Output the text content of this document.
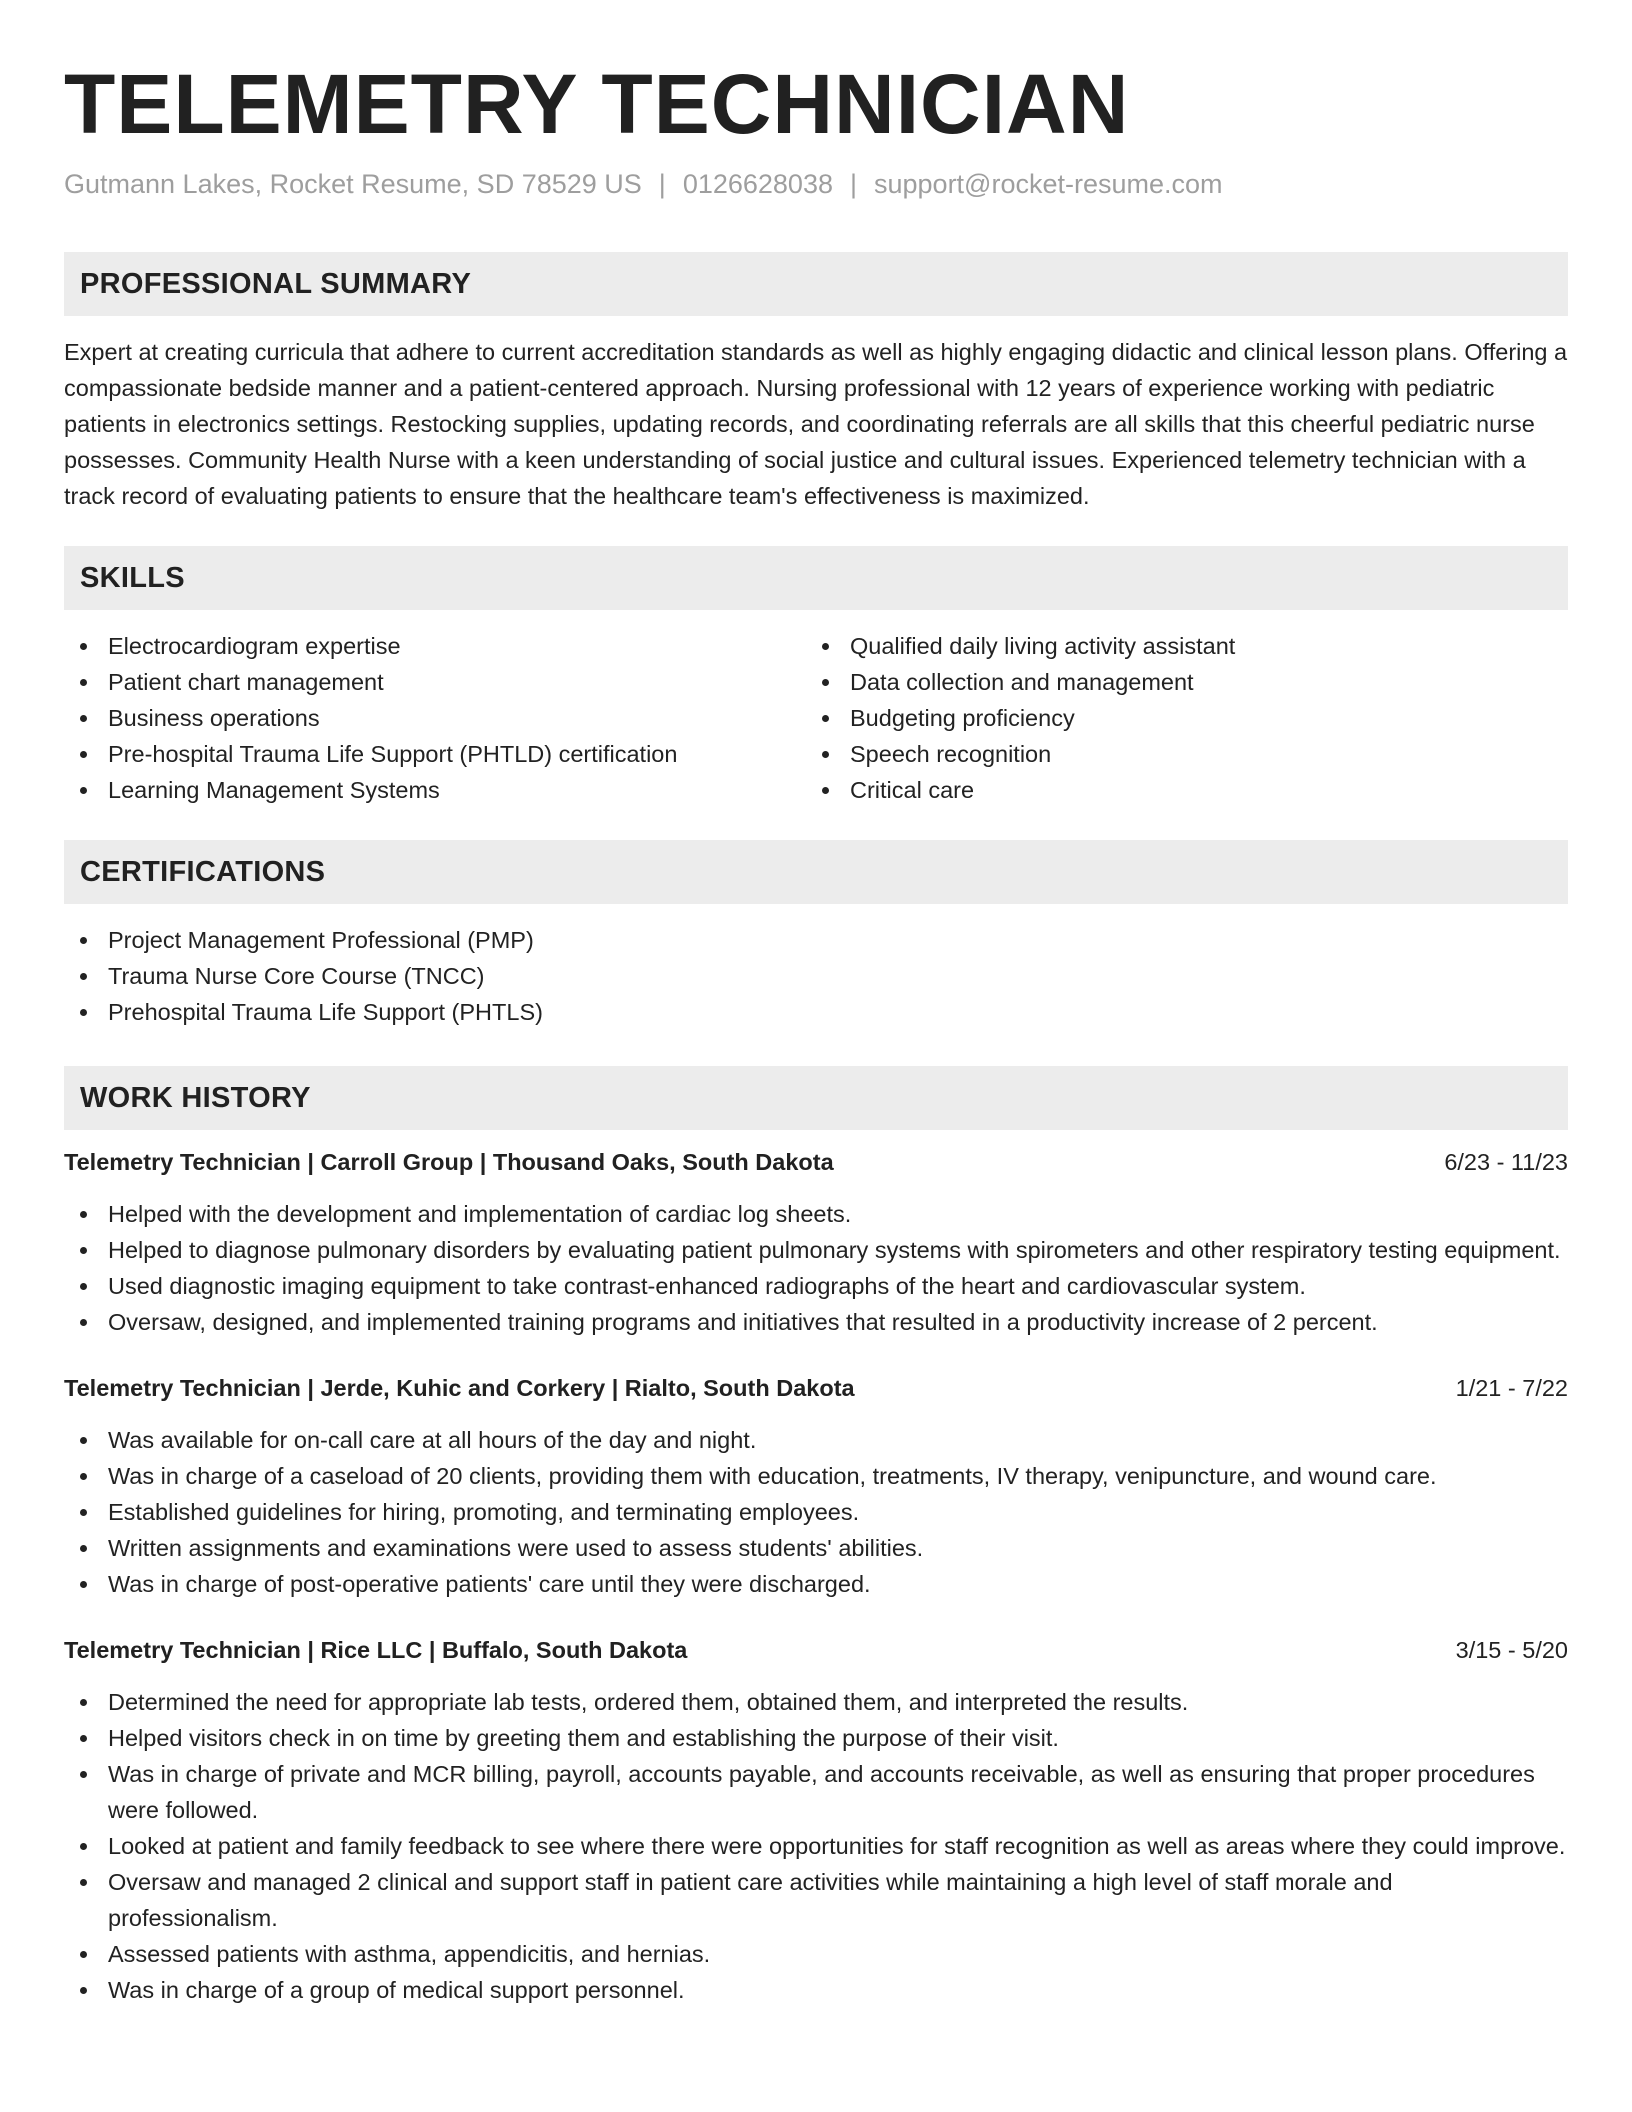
TELEMETRY TECHNICIAN
Gutmann Lakes, Rocket Resume, SD 78529 US | 0126628038 | support@rocket-resume.com
PROFESSIONAL SUMMARY

Expert at creating curricula that adhere to current accreditation standards as well as highly engaging didactic and clinical lesson plans. Offering a compassionate bedside manner and a patient-centered approach. Nursing professional with 12 years of experience working with pediatric patients in electronics settings. Restocking supplies, updating records, and coordinating referrals are all skills that this cheerful pediatric nurse possesses. Community Health Nurse with a keen understanding of social justice and cultural issues. Experienced telemetry technician with a track record of evaluating patients to ensure that the healthcare team's effectiveness is maximized.

SKILLS
Electrocardiogram expertise
Patient chart management
Business operations
Pre-hospital Trauma Life Support (PHTLD) certification
Learning Management Systems
Qualified daily living activity assistant
Data collection and management
Budgeting proficiency
Speech recognition
Critical care
CERTIFICATIONS
Project Management Professional (PMP)
Trauma Nurse Core Course (TNCC)
Prehospital Trauma Life Support (PHTLS)
WORK HISTORY
Telemetry Technician | Carroll Group | Thousand Oaks, South Dakota	6/23 - 11/23
Helped with the development and implementation of cardiac log sheets.
Helped to diagnose pulmonary disorders by evaluating patient pulmonary systems with spirometers and other respiratory testing equipment.
Used diagnostic imaging equipment to take contrast-enhanced radiographs of the heart and cardiovascular system.
Oversaw, designed, and implemented training programs and initiatives that resulted in a productivity increase of 2 percent.
Telemetry Technician | Jerde, Kuhic and Corkery | Rialto, South Dakota	1/21 - 7/22
Was available for on-call care at all hours of the day and night.
Was in charge of a caseload of 20 clients, providing them with education, treatments, IV therapy, venipuncture, and wound care.
Established guidelines for hiring, promoting, and terminating employees.
Written assignments and examinations were used to assess students' abilities.
Was in charge of post-operative patients' care until they were discharged.
Telemetry Technician | Rice LLC | Buffalo, South Dakota	3/15 - 5/20
Determined the need for appropriate lab tests, ordered them, obtained them, and interpreted the results.
Helped visitors check in on time by greeting them and establishing the purpose of their visit.
Was in charge of private and MCR billing, payroll, accounts payable, and accounts receivable, as well as ensuring that proper procedures were followed.
Looked at patient and family feedback to see where there were opportunities for staff recognition as well as areas where they could improve.
Oversaw and managed 2 clinical and support staff in patient care activities while maintaining a high level of staff morale and professionalism.
Assessed patients with asthma, appendicitis, and hernias.
Was in charge of a group of medical support personnel.
